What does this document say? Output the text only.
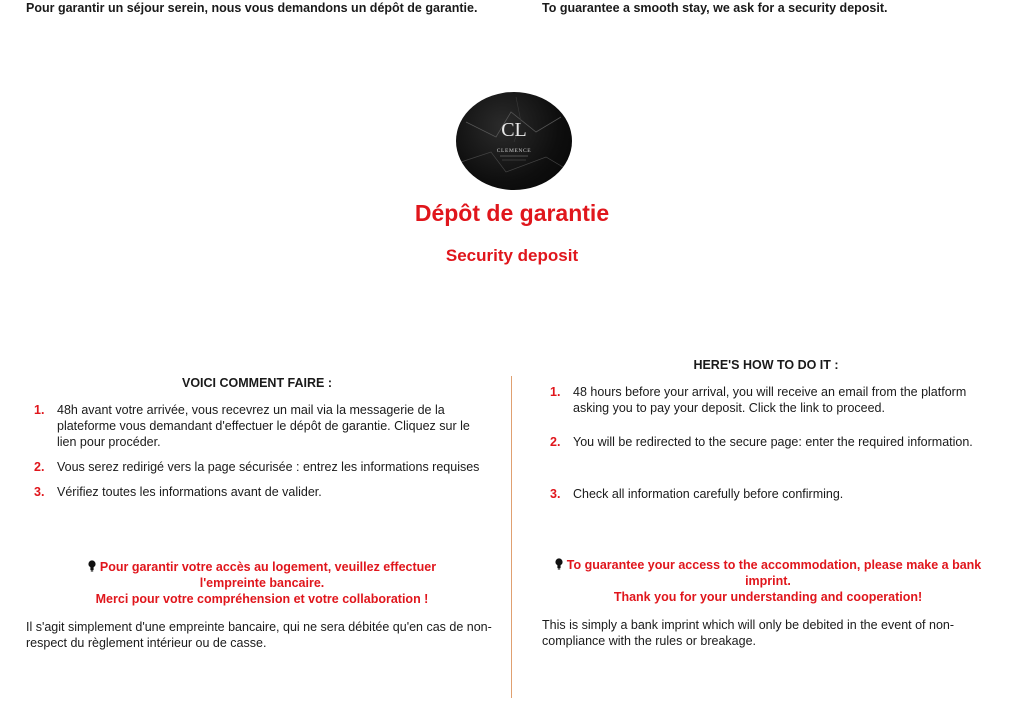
CL
CLEMENCE
Dépôt de garantie
Security deposit
Pour garantir un séjour serein, nous vous demandons un dépôt de garantie.
VOICI COMMENT FAIRE :
1. 48h avant votre arrivée, vous recevrez un mail via la messagerie de la plateforme vous demandant d'effectuer le dépôt de garantie. Cliquez sur le lien pour procéder.
2. Vous serez redirigé vers la page sécurisée : entrez les informations requises
3. Vérifiez toutes les informations avant de valider.
Pour garantir votre accès au logement, veuillez effectuer l'empreinte bancaire.
Merci pour votre compréhension et votre collaboration !
Il s'agit simplement d'une empreinte bancaire, qui ne sera débitée qu'en cas de non-respect du règlement intérieur ou de casse.
To guarantee a smooth stay, we ask for a security deposit.
HERE'S HOW TO DO IT :
1. 48 hours before your arrival, you will receive an email from the platform asking you to pay your deposit. Click the link to proceed.
2. You will be redirected to the secure page: enter the required information.
3. Check all information carefully before confirming.
To guarantee your access to the accommodation, please make a bank imprint.
Thank you for your understanding and cooperation!
This is simply a bank imprint which will only be debited in the event of non-compliance with the rules or breakage.
